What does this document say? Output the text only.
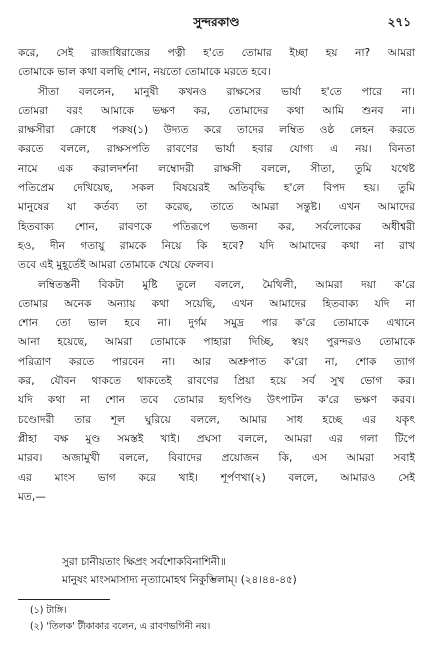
সুন্দরকাণ্ড	২৭১
করে, সেই রাজাধিরাজের পত্নী হ'তে তোমার ইচ্ছা হয় না? আমরা
তোমাকে ভাল কথা বলছি শোন, নয়তো তোমাকে মরতে হবে।
সীতা বললেন, মানুষী কখনও রাক্ষসের ভার্যা হ'তে পারে না।
তোমরা বরং আমাকে ভক্ষণ কর, তোমাদের কথা আমি শুনব না।
রাক্ষসীরা ক্রোধে পরুষ(১) উদ্যত করে তাদের লম্বিত ওষ্ঠ লেহন করতে
করতে বললে, রাক্ষসপতি রাবণের ভার্যা হবার যোগ্য এ নয়। বিনতা
নামে এক করালদর্শনা লম্বোদরী রাক্ষসী বললে, সীতা, তুমি যথেষ্ট
পতিপ্রেম দেখিয়েছ, সকল বিষয়েরই অতিবৃদ্ধি হ'লে বিপদ হয়। তুমি
মানুষের যা কর্তব্য তা করেছ, তাতে আমরা সন্তুষ্ট। এখন আমাদের
হিতবাক্য শোন, রাবণকে পতিরূপে ভজনা কর, সর্বলোকের অধীশ্বরী
হও, দীন গতায়ু রামকে নিয়ে কি হবে? যদি আমাদের কথা না রাখ
তবে এই মুহূর্তেই আমরা তোমাকে খেয়ে ফেলব।
লম্বিতস্তনী বিকটা মুষ্টি তুলে বললে, মৈথিলী, আমরা দয়া ক'রে
তোমার অনেক অন্যায় কথা সয়েছি, এখন আমাদের হিতবাক্য যদি না
শোন তো ভাল হবে না। দুর্গম সমুদ্র পার ক'রে তোমাকে এখানে
আনা হয়েছে, আমরা তোমাকে পাহারা দিচ্ছি, স্বয়ং পুরন্দরও তোমাকে
পরিত্রাণ করতে পারবেন না। আর অশ্রুপাত ক'রো না, শোক ত্যাগ
কর, যৌবন থাকতে থাকতেই রাবণের প্রিয়া হয়ে সর্ব সুখ ভোগ কর।
যদি কথা না শোন তবে তোমার হৃৎপিণ্ড উৎপাটন ক'রে ভক্ষণ করব।
চণ্ডোদরী তার শূল ঘুরিয়ে বললে, আমার সাধ হচ্ছে এর যকৃৎ
প্লীহা বক্ষ মুণ্ড সমস্তই খাই। প্রঘসা বললে, আমরা এর গলা টিপে
মারব। অজামুখী বললে, বিবাদের প্রয়োজন কি, এস আমরা সবাই
এর মাংস ভাগ করে খাই। শূর্পণখা(২) বললে, আমারও সেই
মত,—
সুরা চানীয়তাং ক্ষিপ্রং সর্বশোকবিনাশিনী॥
মানুষং মাংসমাসাদ্য নৃত্যামোহথ নিকুম্ভিলাম্‌। (২৪।৪৪-৪৫)
(১) টাঙ্গি।
(২) 'তিলক' টীকাকার বলেন, এ রাবণভগিনী নয়।
